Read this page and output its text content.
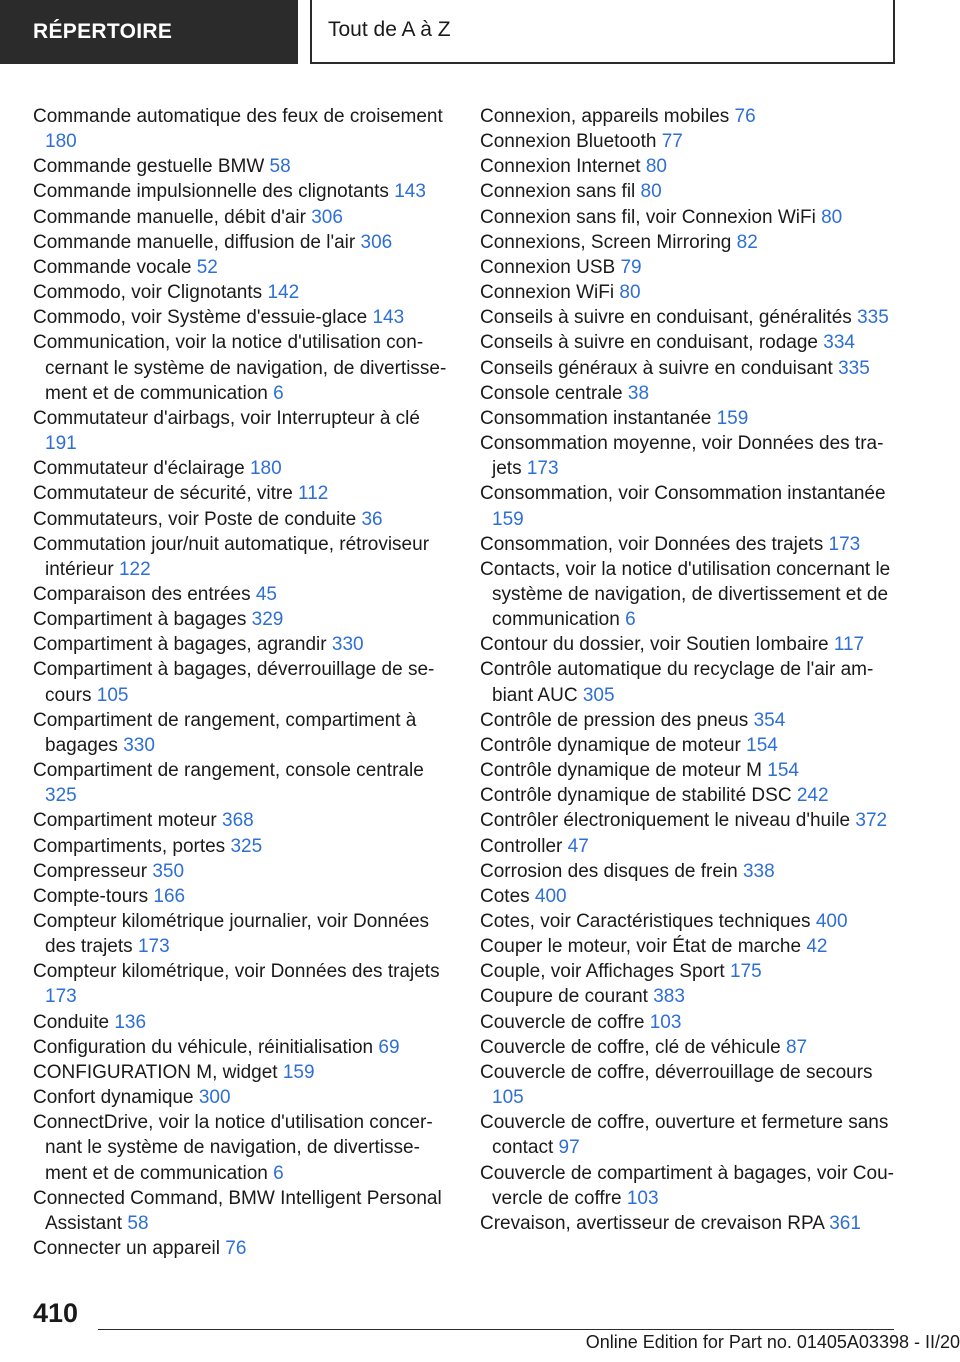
RÉPERTOIRE	Tout de A à Z
Commande automatique des feux de croisement 180
Commande gestuelle BMW 58
Commande impulsionnelle des clignotants 143
Commande manuelle, débit d'air 306
Commande manuelle, diffusion de l'air 306
Commande vocale 52
Commodo, voir Clignotants 142
Commodo, voir Système d'essuie-glace 143
Communication, voir la notice d'utilisation concernant le système de navigation, de divertissement et de communication 6
Commutateur d'airbags, voir Interrupteur à clé 191
Commutateur d'éclairage 180
Commutateur de sécurité, vitre 112
Commutateurs, voir Poste de conduite 36
Commutation jour/nuit automatique, rétroviseur intérieur 122
Comparaison des entrées 45
Compartiment à bagages 329
Compartiment à bagages, agrandir 330
Compartiment à bagages, déverrouillage de secours 105
Compartiment de rangement, compartiment à bagages 330
Compartiment de rangement, console centrale 325
Compartiment moteur 368
Compartiments, portes 325
Compresseur 350
Compte-tours 166
Compteur kilométrique journalier, voir Données des trajets 173
Compteur kilométrique, voir Données des trajets 173
Conduite 136
Configuration du véhicule, réinitialisation 69
CONFIGURATION M, widget 159
Confort dynamique 300
ConnectDrive, voir la notice d'utilisation concernant le système de navigation, de divertissement et de communication 6
Connected Command, BMW Intelligent Personal Assistant 58
Connecter un appareil 76
Connexion, appareils mobiles 76
Connexion Bluetooth 77
Connexion Internet 80
Connexion sans fil 80
Connexion sans fil, voir Connexion WiFi 80
Connexions, Screen Mirroring 82
Connexion USB 79
Connexion WiFi 80
Conseils à suivre en conduisant, généralités 335
Conseils à suivre en conduisant, rodage 334
Conseils généraux à suivre en conduisant 335
Console centrale 38
Consommation instantanée 159
Consommation moyenne, voir Données des trajets 173
Consommation, voir Consommation instantanée 159
Consommation, voir Données des trajets 173
Contacts, voir la notice d'utilisation concernant le système de navigation, de divertissement et de communication 6
Contour du dossier, voir Soutien lombaire 117
Contrôle automatique du recyclage de l'air ambiant AUC 305
Contrôle de pression des pneus 354
Contrôle dynamique de moteur 154
Contrôle dynamique de moteur M 154
Contrôle dynamique de stabilité DSC 242
Contrôler électroniquement le niveau d'huile 372
Controller 47
Corrosion des disques de frein 338
Cotes 400
Cotes, voir Caractéristiques techniques 400
Couper le moteur, voir État de marche 42
Couple, voir Affichages Sport 175
Coupure de courant 383
Couvercle de coffre 103
Couvercle de coffre, clé de véhicule 87
Couvercle de coffre, déverrouillage de secours 105
Couvercle de coffre, ouverture et fermeture sans contact 97
Couvercle de compartiment à bagages, voir Couvercle de coffre 103
Crevaison, avertisseur de crevaison RPA 361
410
Online Edition for Part no. 01405A03398 - II/20
